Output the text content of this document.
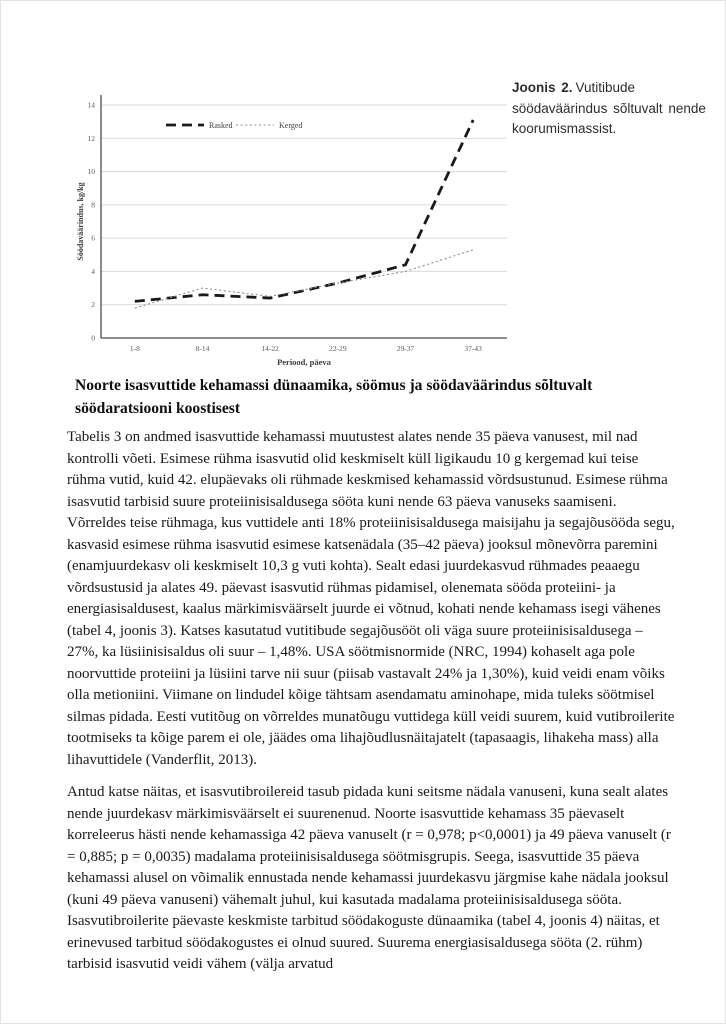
0
2
4
6
8
10
12
14
1-8	8-14	14-22	22-29	29-37	37-43
Periood, päeva
Söödaväärindus, kg/kg
Rasked	Kerged
Joonis 2. Vutitibude söödaväärindus sõltuvalt nende koorumismassist.
Noorte isasvuttide kehamassi dünaamika, söömus ja söödaväärindus sõltuvalt söödaratsiooni koostisest

Tabelis 3 on andmed isasvuttide kehamassi muutustest alates nende 35 päeva vanusest, mil nad kontrolli võeti. Esimese rühma isasvutid olid keskmiselt küll ligikaudu 10 g kergemad kui teise rühma vutid, kuid 42. elupäevaks oli rühmade keskmised kehamassid võrdsustunud. Esimese rühma isasvutid tarbisid suure proteiinisisaldusega sööta kuni nende 63 päeva vanuseks saamiseni. Võrreldes teise rühmaga, kus vuttidele anti 18% proteiinisisaldusega maisijahu ja segajõusööda segu, kasvasid esimese rühma isasvutid esimese katsenädala (35–42 päeva) jooksul mõnevõrra paremini (enamjuurdekasv oli keskmiselt 10,3 g vuti kohta). Sealt edasi juurdekasvud rühmades peaaegu võrdsustusid ja alates 49. päevast isasvutid rühmas pidamisel, olenemata sööda proteiini- ja energiasisaldusest, kaalus märkimisväärselt juurde ei võtnud, kohati nende kehamass isegi vähenes (tabel 4, joonis 3). Katses kasutatud vutitibude segajõusööt oli väga suure proteiinisisaldusega – 27%, ka lüsiinisisaldus oli suur – 1,48%. USA söötmisnormide (NRC, 1994) kohaselt aga pole noorvuttide proteiini ja lüsiini tarve nii suur (piisab vastavalt 24% ja 1,30%), kuid veidi enam võiks olla metioniini. Viimane on lindudel kõige tähtsam asendamatu aminohape, mida tuleks söötmisel silmas pidada. Eesti vutitõug on võrreldes munatõugu vuttidega küll veidi suurem, kuid vutibroilerite tootmiseks ta kõige parem ei ole, jäädes oma lihajõudlusnäitajatelt (tapasaagis, lihakeha mass) alla lihavuttidele (Vanderflit, 2013).

Antud katse näitas, et isasvutibroilereid tasub pidada kuni seitsme nädala vanuseni, kuna sealt alates nende juurdekasv märkimisväärselt ei suurenenud. Noorte isasvuttide kehamass 35 päevaselt korreleerus hästi nende kehamassiga 42 päeva vanuselt (r = 0,978; p<0,0001) ja 49 päeva vanuselt (r = 0,885; p = 0,0035) madalama proteiinisisaldusega söötmisgrupis. Seega, isasvuttide 35 päeva kehamassi alusel on võimalik ennustada nende kehamassi juurdekasvu järgmise kahe nädala jooksul (kuni 49 päeva vanuseni) vähemalt juhul, kui kasutada madalama proteiinisisaldusega sööta. Isasvutibroilerite päevaste keskmiste tarbitud söödakoguste dünaamika (tabel 4, joonis 4) näitas, et erinevused tarbitud söödakogustes ei olnud suured. Suurema energiasisaldusega sööta (2. rühm) tarbisid isasvutid veidi vähem (välja arvatud
